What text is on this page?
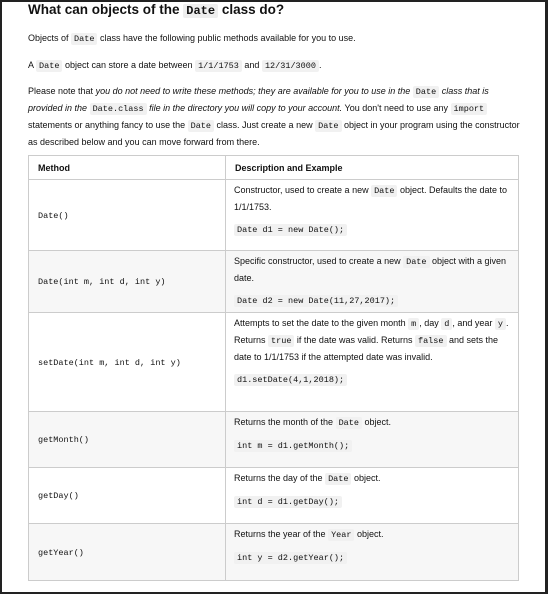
What can objects of the Date class do?

Objects of Date class have the following public methods available for you to use.

A Date object can store a date between 1/1/1753 and 12/31/3000 .

Please note that you do not need to write these methods; they are available for you to use in the Date class that is provided in the Date.class file in the directory you will copy to your account. You don't need to use any import statements or anything fancy to use the Date class. Just create a new Date object in your program using the constructor as described below and you can move forward from there.

Method	Description and Example
Date()	Constructor, used to create a new Date object. Defaults the date to 1/1/1753.
Date d1 = new Date();

Date(int m, int d, int y)	Specific constructor, used to create a new Date object with a given date.
Date d2 = new Date(11,27,2017);

setDate(int m, int d, int y)	Attempts to set the date to the given month m , day d , and year y . Returns true if the date was valid. Returns false and sets the date to 1/1/1753 if the attempted date was invalid.
d1.setDate(4,1,2018);

getMonth()	Returns the month of the Date object.
int m = d1.getMonth();

getDay()	Returns the day of the Date object.
int d = d1.getDay();

getYear()	Returns the year of the Year object.
int y = d2.getYear();
